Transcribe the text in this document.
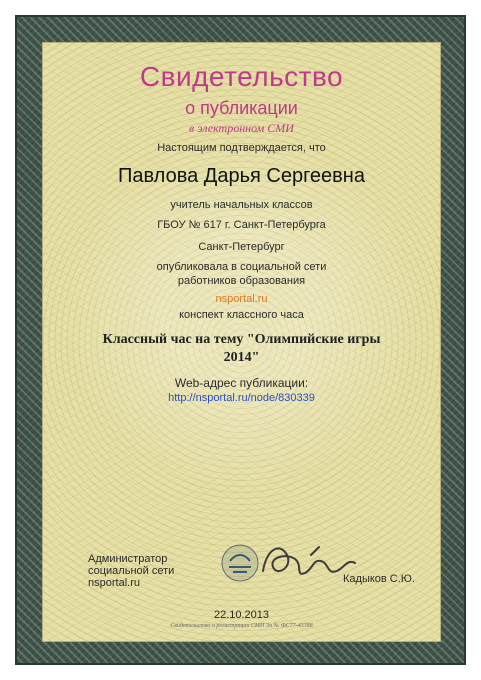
Свидетельство
о публикации
в электронном СМИ
Настоящим подтверждается, что
Павлова Дарья Сергеевна
учитель начальных классов
ГБОУ № 617 г. Санкт-Петербурга
Санкт-Петербург
опубликовала в социальной сети
работников образования
nsportal.ru
конспект классного часа
Классный час на тему "Олимпийские игры
2014"
Web-адрес публикации:
http://nsportal.ru/node/830339
Администратор
социальной сети
nsportal.ru	Кадыков С.Ю.
22.10.2013
Свидетельство о регистрации СМИ Эл № ФС77-43388
